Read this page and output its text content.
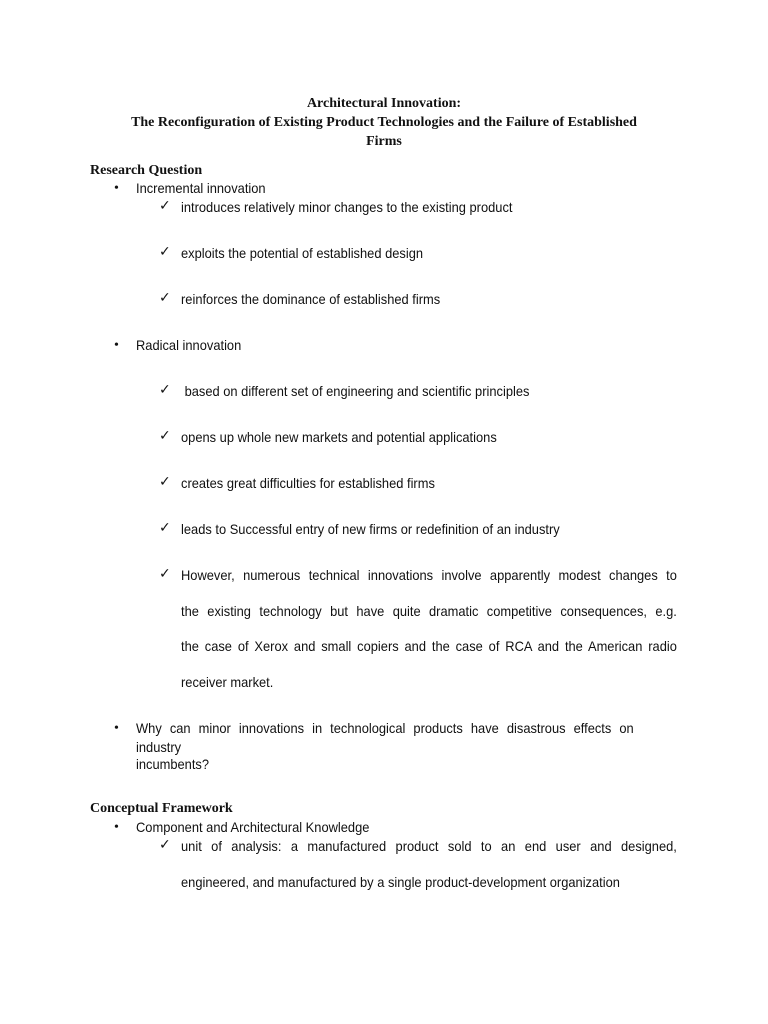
Architectural Innovation:
The Reconfiguration of Existing Product Technologies and the Failure of Established
Firms
Research Question
• Incremental innovation
✓ introduces relatively minor changes to the existing product
✓ exploits the potential of established design
✓ reinforces the dominance of established firms
• Radical innovation
✓ based on different set of engineering and scientific principles
✓ opens up whole new markets and potential applications
✓ creates great difficulties for established firms
✓ leads to Successful entry of new firms or redefinition of an industry
✓ However, numerous technical innovations involve apparently modest changes to
the existing technology but have quite dramatic competitive consequences, e.g.
the case of Xerox and small copiers and the case of RCA and the American radio
receiver market.
• Why can minor innovations in technological products have disastrous effects on industry
incumbents?
Conceptual Framework
• Component and Architectural Knowledge
✓ unit of analysis: a manufactured product sold to an end user and designed,
engineered, and manufactured by a single product-development organization
